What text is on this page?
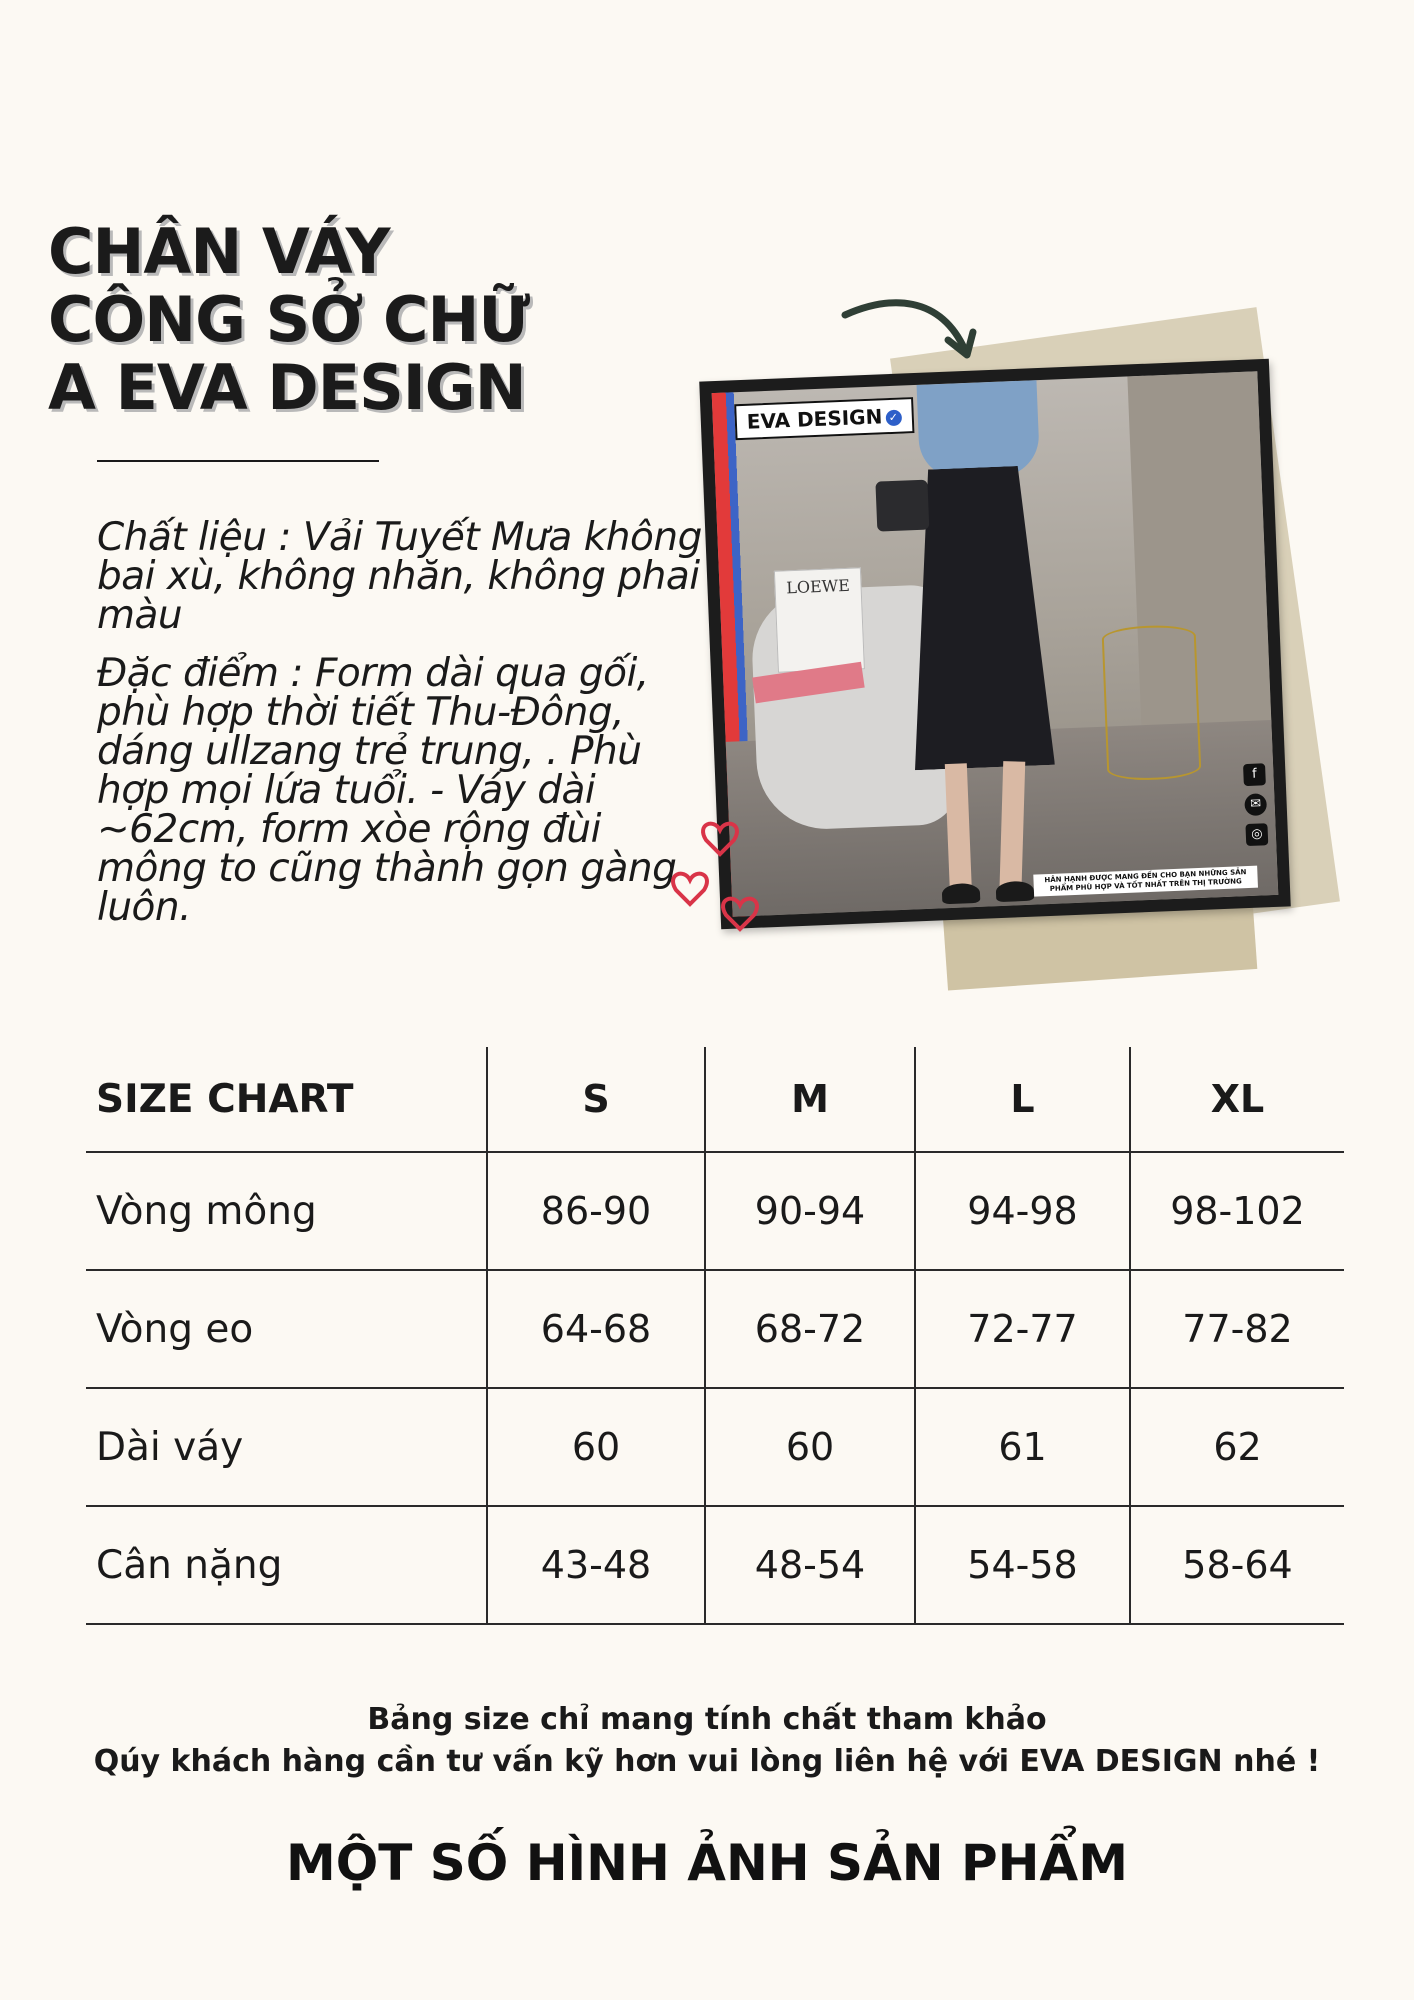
CHÂN VÁY
CÔNG SỞ CHỮ
A EVA DESIGN

Chất liệu : Vải Tuyết Mưa không bai xù, không nhăn, không phai màu

Đặc điểm : Form dài qua gối, phù hợp thời tiết Thu-Đông, dáng ullzang trẻ trung, . Phù hợp mọi lứa tuổi. - Váy dài ~62cm, form xòe rộng đùi mông to cũng thành gọn gàng luôn.

LOEWE
EVA DESIGN ✓
f
✉
◎
HÂN HẠNH ĐƯỢC MANG ĐẾN CHO BẠN NHỮNG SẢN PHẨM PHÙ HỢP VÀ TỐT NHẤT TRÊN THỊ TRƯỜNG
SIZE CHART	S	M	L	XL
Vòng mông	86-90	90-94	94-98	98-102
Vòng eo	64-68	68-72	72-77	77-82
Dài váy	60	60	61	62
Cân nặng	43-48	48-54	54-58	58-64

Bảng size chỉ mang tính chất tham khảo

Qúy khách hàng cần tư vấn kỹ hơn vui lòng liên hệ với EVA DESIGN nhé !

MỘT SỐ HÌNH ẢNH SẢN PHẨM
